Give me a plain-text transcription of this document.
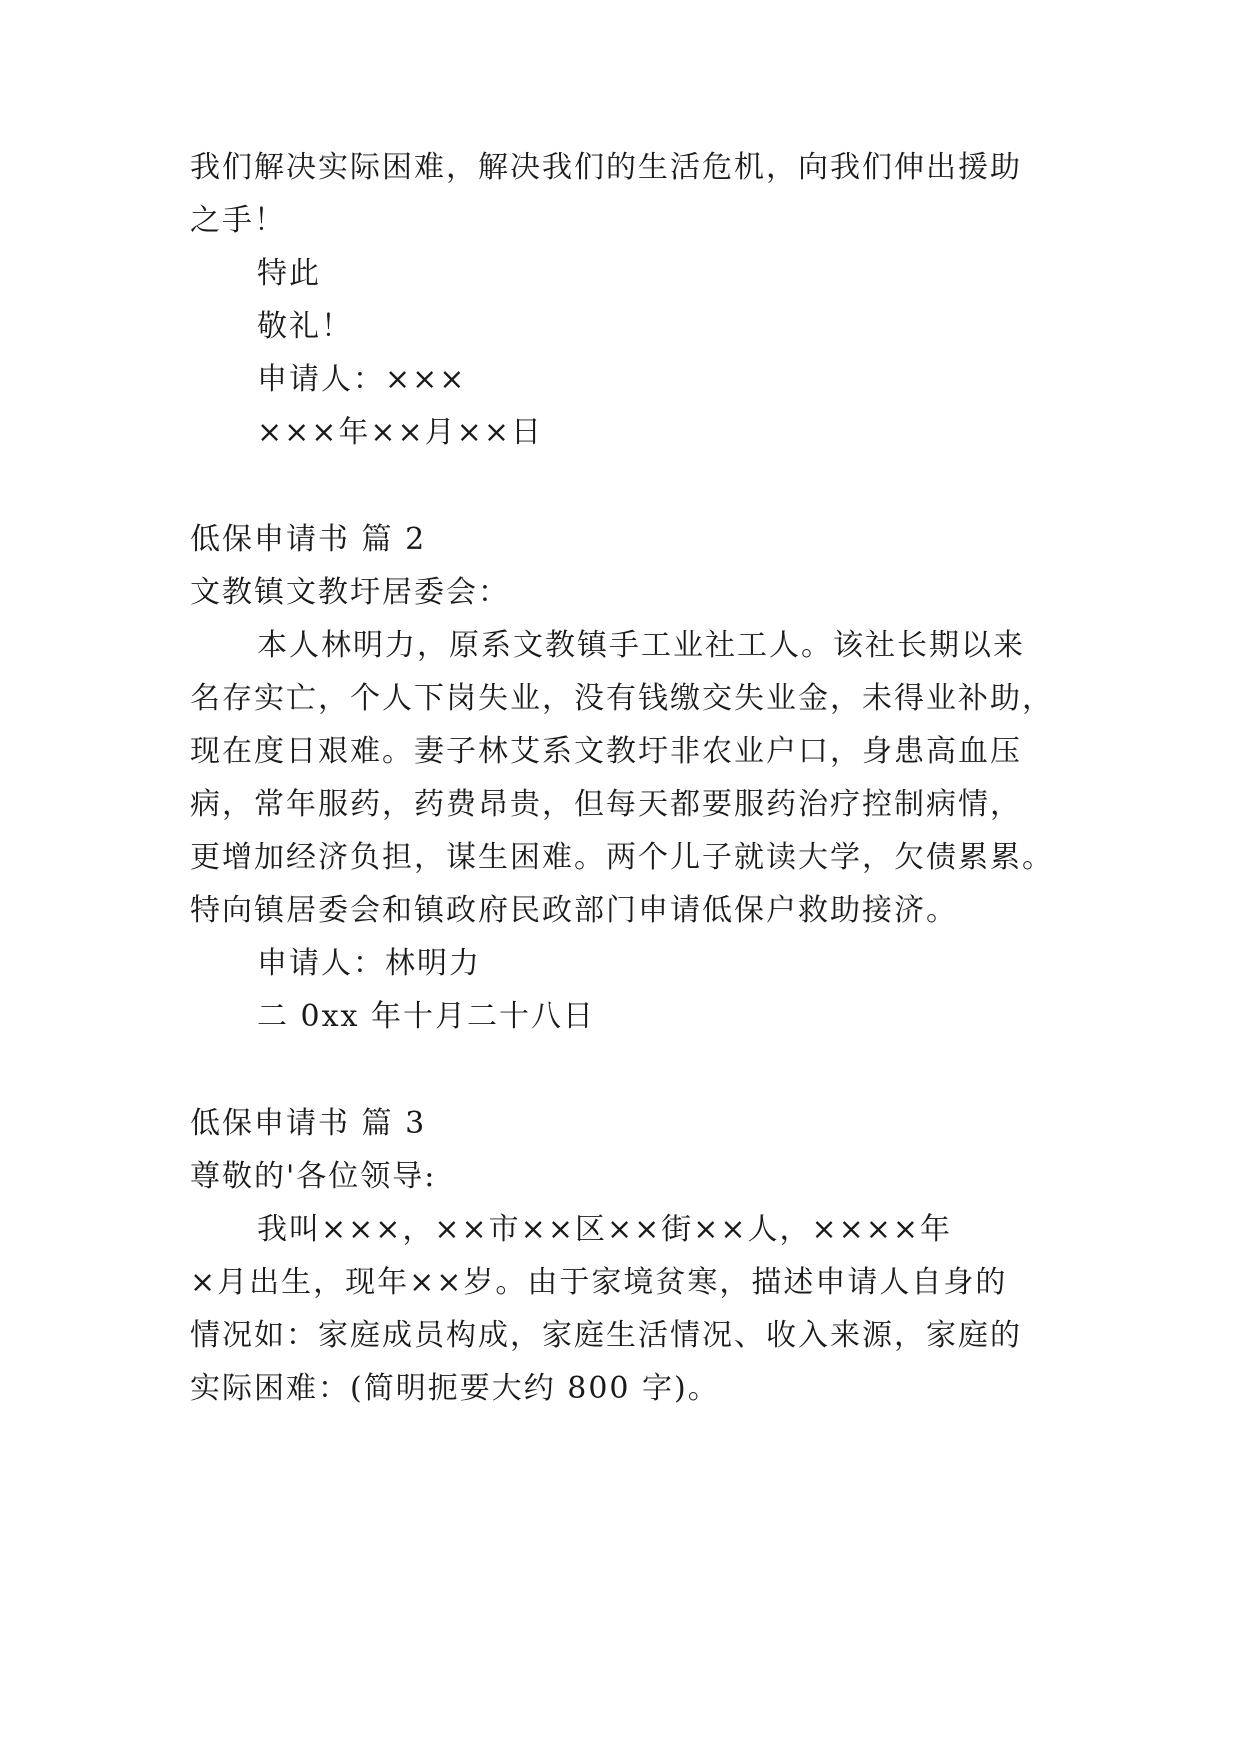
我们解决实际困难，解决我们的生活危机，向我们伸出援助
之手！
特此
敬礼！
申请人：×××
×××年××月××日
低保申请书 篇 2
文教镇文教圩居委会：
本人林明力，原系文教镇手工业社工人。该社长期以来
名存实亡，个人下岗失业，没有钱缴交失业金，未得业补助，
现在度日艰难。妻子林艾系文教圩非农业户口，身患高血压
病，常年服药，药费昂贵，但每天都要服药治疗控制病情，
更增加经济负担，谋生困难。两个儿子就读大学，欠债累累。
特向镇居委会和镇政府民政部门申请低保户救助接济。
申请人：林明力
二 0xx 年十月二十八日
低保申请书 篇 3
尊敬的'各位领导:
我叫×××，××市××区××街××人，××××年
×月出生，现年××岁。由于家境贫寒，描述申请人自身的
情况如：家庭成员构成，家庭生活情况、收入来源，家庭的
实际困难：(简明扼要大约 800 字)。
